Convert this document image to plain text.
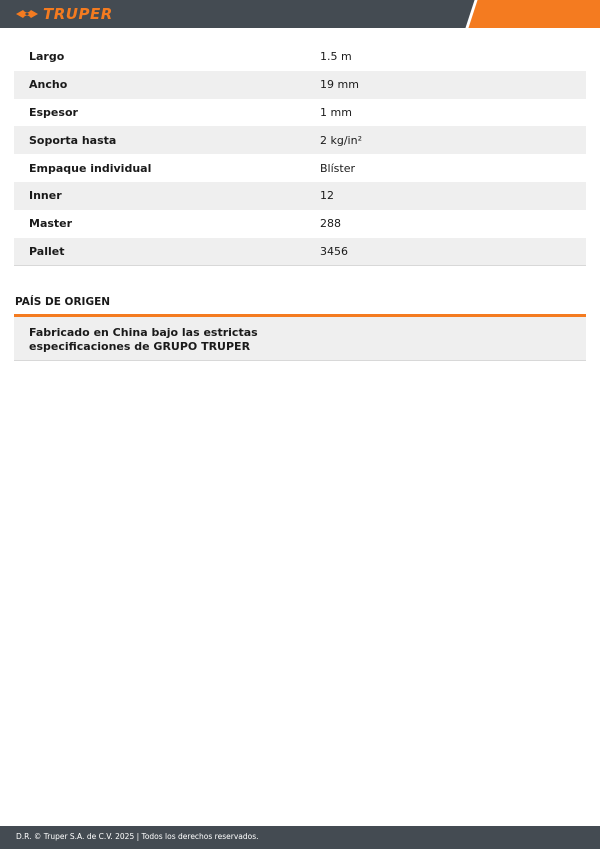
TRUPER
Largo	1.5 m
Ancho	19 mm
Espesor	1 mm
Soporta hasta	2 kg/in²
Empaque individual	Blíster
Inner	12
Master	288
Pallet	3456
PAÍS DE ORIGEN
Fabricado en China bajo las estrictas especificaciones de GRUPO TRUPER
D.R. © Truper S.A. de C.V. 2025 | Todos los derechos reservados.
